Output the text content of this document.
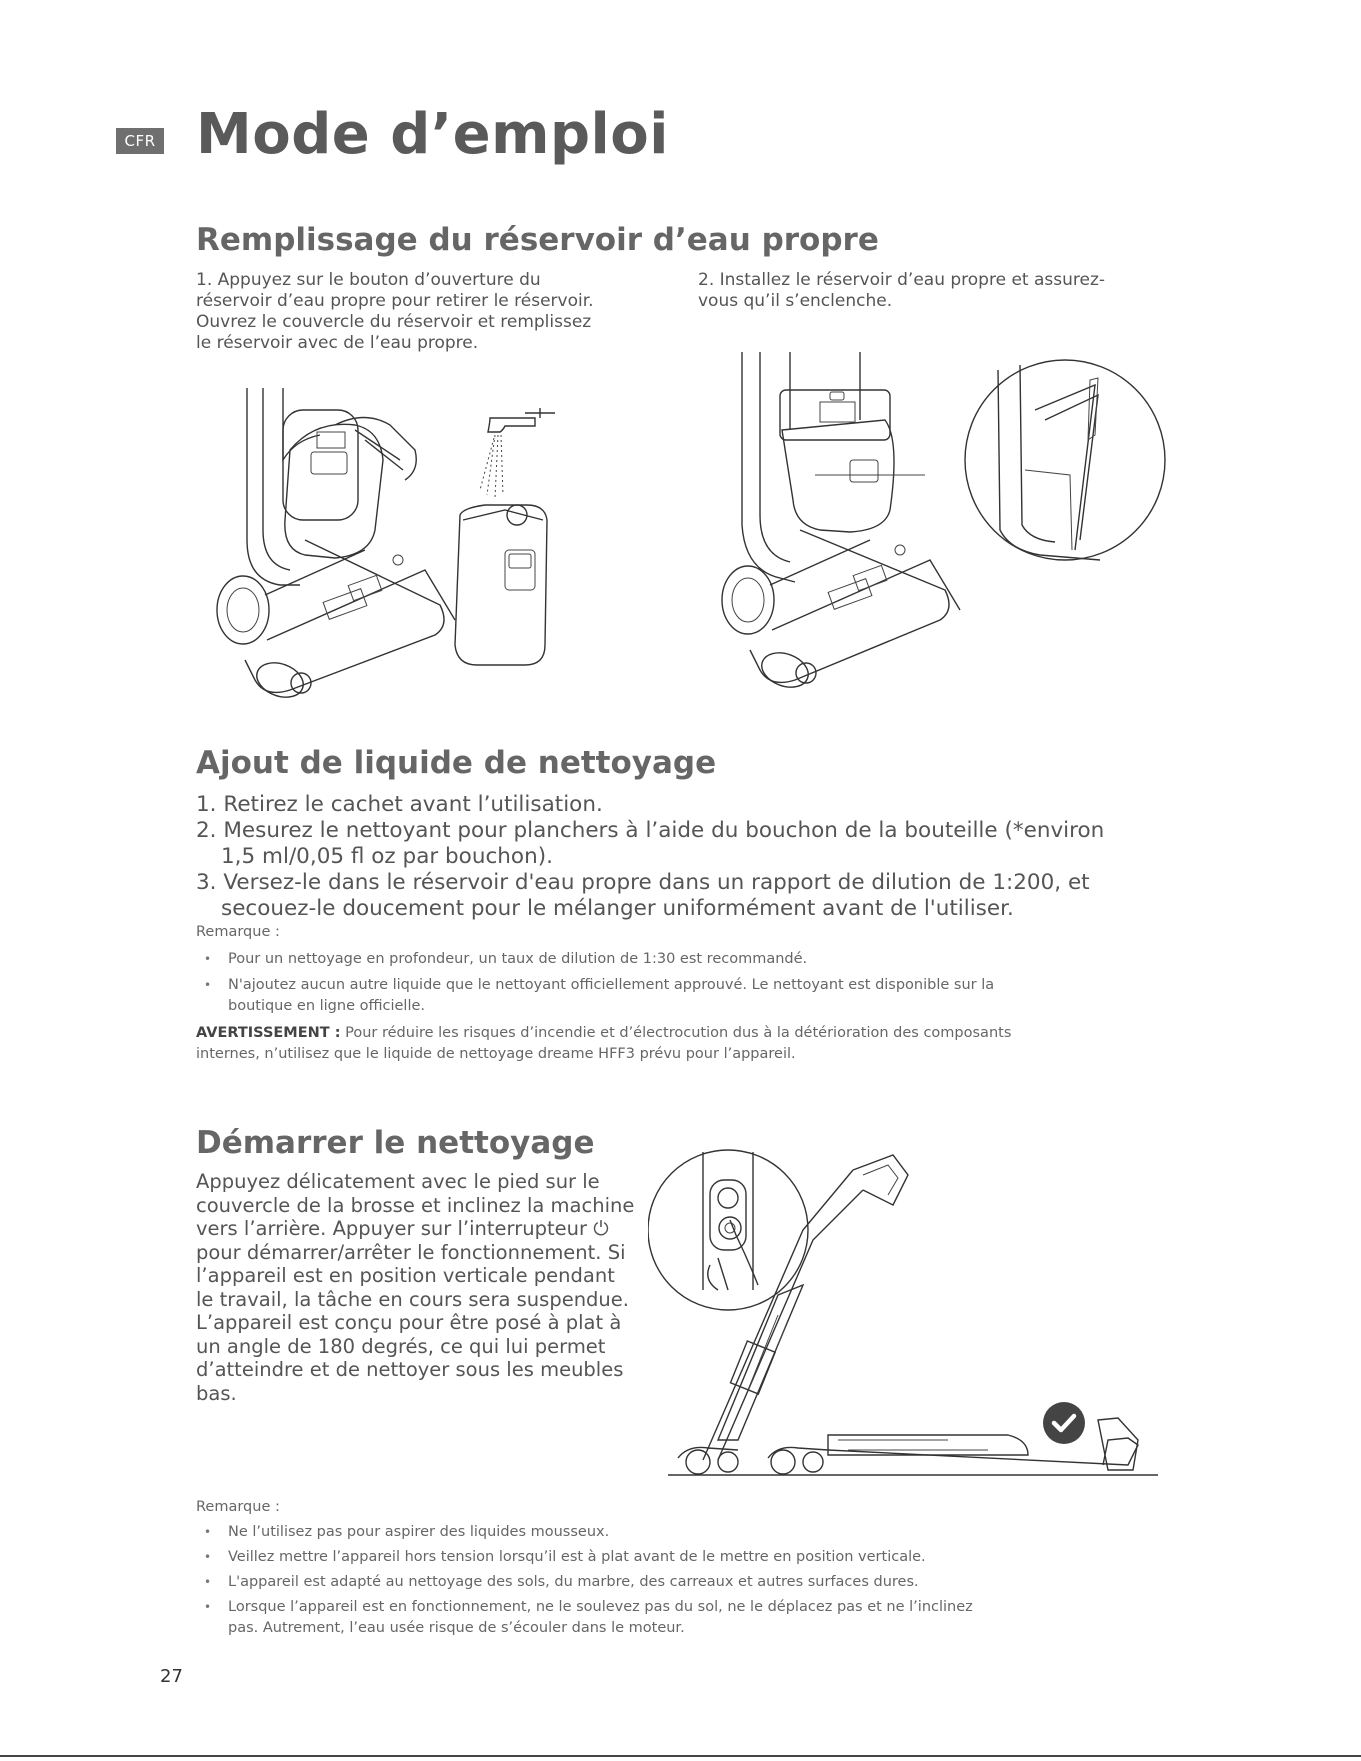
CFR Mode d’emploi
Remplissage du réservoir d’eau propre
1. Appuyez sur le bouton d’ouverture du
réservoir d’eau propre pour retirer le réservoir.
Ouvrez le couvercle du réservoir et remplissez
le réservoir avec de l’eau propre.
2. Installez le réservoir d’eau propre et assurez-
vous qu’il s’enclenche.
Ajout de liquide de nettoyage
1. Retirez le cachet avant l’utilisation.
2. Mesurez le nettoyant pour planchers à l’aide du bouchon de la bouteille (*environ
1,5 ml/0,05 fl oz par bouchon).
3. Versez-le dans le réservoir d'eau propre dans un rapport de dilution de 1:200, et
secouez-le doucement pour le mélanger uniformément avant de l'utiliser.
Remarque :
• Pour un nettoyage en profondeur, un taux de dilution de 1:30 est recommandé.
• N'ajoutez aucun autre liquide que le nettoyant officiellement approuvé. Le nettoyant est disponible sur la
boutique en ligne officielle.
AVERTISSEMENT : Pour réduire les risques d’incendie et d’électrocution dus à la détérioration des composants
internes, n’utilisez que le liquide de nettoyage dreame HFF3 prévu pour l’appareil.
Démarrer le nettoyage
Appuyez délicatement avec le pied sur le
couvercle de la brosse et inclinez la machine
vers l’arrière. Appuyer sur l’interrupteur ⏻
pour démarrer/arrêter le fonctionnement. Si
l’appareil est en position verticale pendant
le travail, la tâche en cours sera suspendue.
L’appareil est conçu pour être posé à plat à
un angle de 180 degrés, ce qui lui permet
d’atteindre et de nettoyer sous les meubles
bas.
Remarque :
• Ne l’utilisez pas pour aspirer des liquides mousseux.
• Veillez mettre l’appareil hors tension lorsqu’il est à plat avant de le mettre en position verticale.
• L'appareil est adapté au nettoyage des sols, du marbre, des carreaux et autres surfaces dures.
• Lorsque l’appareil est en fonctionnement, ne le soulevez pas du sol, ne le déplacez pas et ne l’inclinez
pas. Autrement, l’eau usée risque de s’écouler dans le moteur.
27
